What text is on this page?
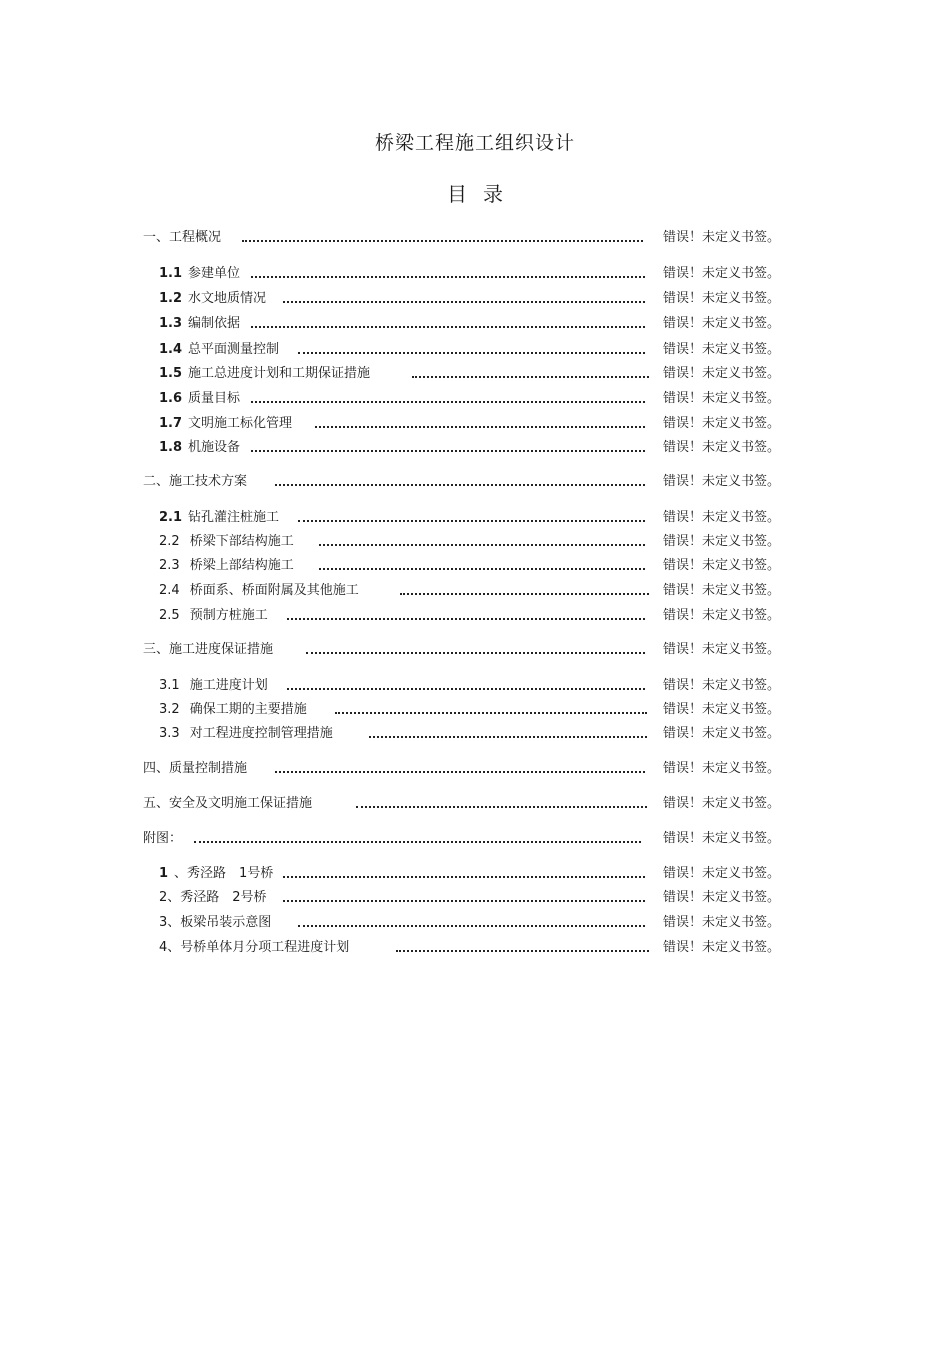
桥梁工程施工组织设计
目 录
一、工程概况	错误！未定义书签。
1.1 参建单位	错误！未定义书签。
1.2 水文地质情况	错误！未定义书签。
1.3 编制依据	错误！未定义书签。
1.4 总平面测量控制	错误！未定义书签。
1.5 施工总进度计划和工期保证措施	错误！未定义书签。
1.6 质量目标	错误！未定义书签。
1.7 文明施工标化管理	错误！未定义书签。
1.8 机施设备	错误！未定义书签。
二、施工技术方案	错误！未定义书签。
2.1 钻孔灌注桩施工	错误！未定义书签。
2.2 桥梁下部结构施工	错误！未定义书签。
2.3 桥梁上部结构施工	错误！未定义书签。
2.4 桥面系、桥面附属及其他施工	错误！未定义书签。
2.5 预制方桩施工	错误！未定义书签。
三、施工进度保证措施	错误！未定义书签。
3.1 施工进度计划	错误！未定义书签。
3.2 确保工期的主要措施	错误！未定义书签。
3.3 对工程进度控制管理措施	错误！未定义书签。
四、质量控制措施	错误！未定义书签。
五、安全及文明施工保证措施	错误！未定义书签。
附图：	错误！未定义书签。
1 、秀泾路　1号桥	错误！未定义书签。
2、秀泾路　2号桥	错误！未定义书签。
3、板梁吊装示意图	错误！未定义书签。
4、号桥单体月分项工程进度计划	错误！未定义书签。
